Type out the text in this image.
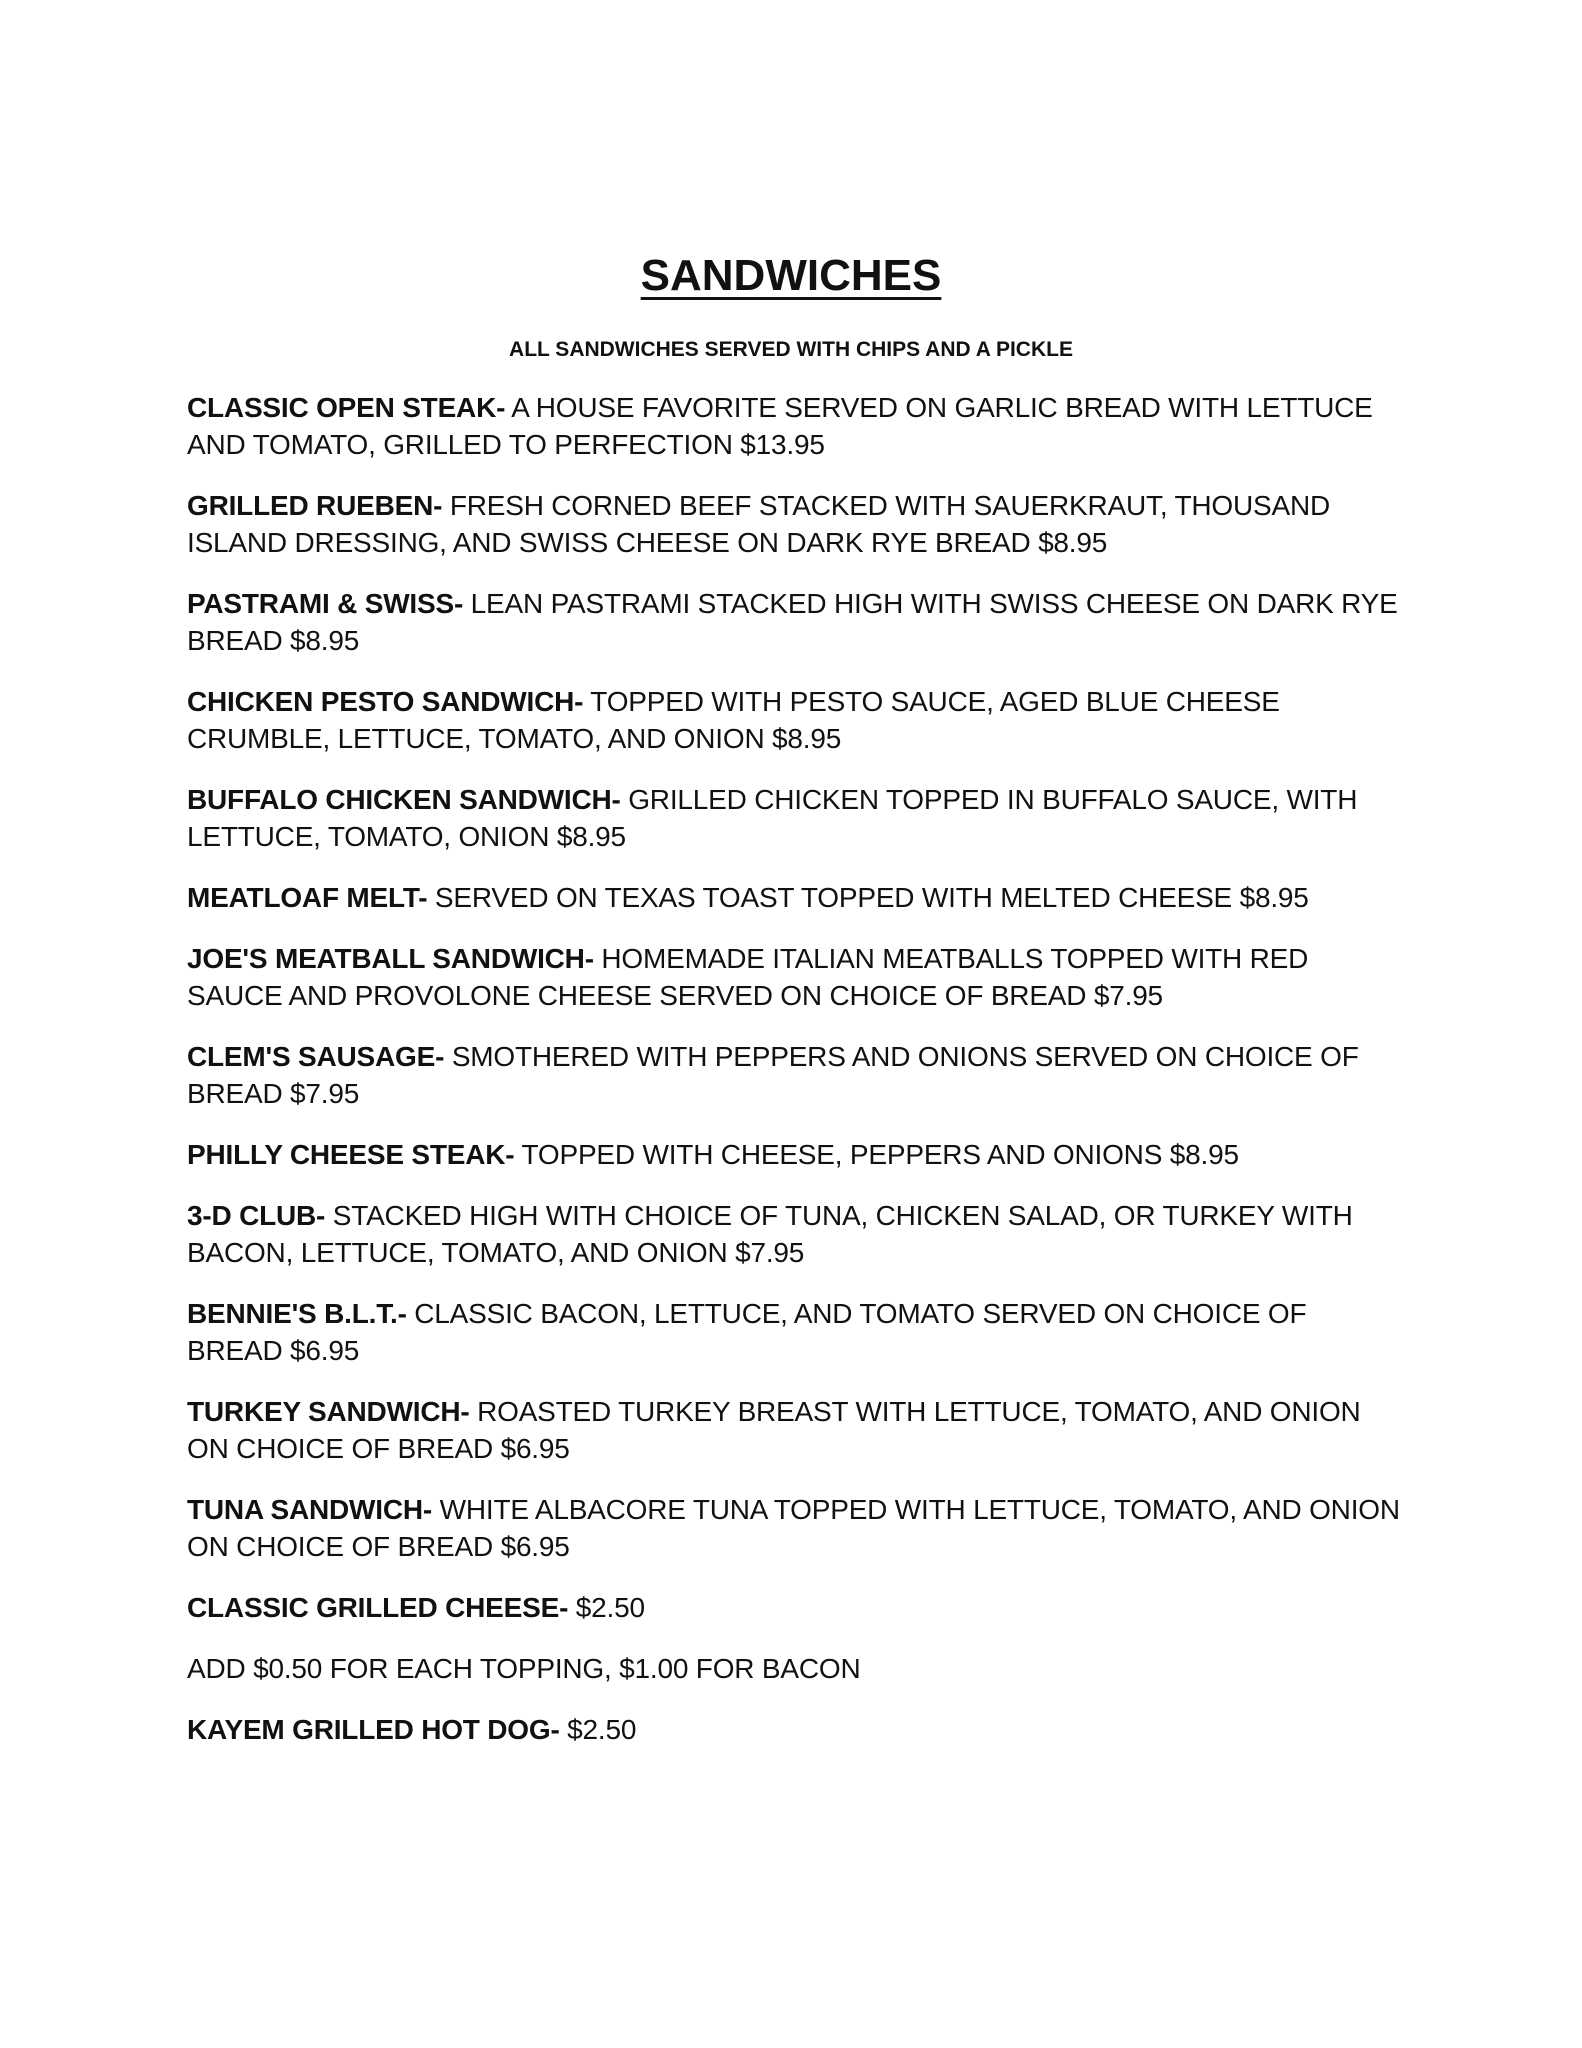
SANDWICHES
ALL SANDWICHES SERVED WITH CHIPS AND A PICKLE

CLASSIC OPEN STEAK- A HOUSE FAVORITE SERVED ON GARLIC BREAD WITH LETTUCE AND TOMATO, GRILLED TO PERFECTION $13.95

GRILLED RUEBEN- FRESH CORNED BEEF STACKED WITH SAUERKRAUT, THOUSAND ISLAND DRESSING, AND SWISS CHEESE ON DARK RYE BREAD $8.95

PASTRAMI & SWISS- LEAN PASTRAMI STACKED HIGH WITH SWISS CHEESE ON DARK RYE BREAD $8.95

CHICKEN PESTO SANDWICH- TOPPED WITH PESTO SAUCE, AGED BLUE CHEESE CRUMBLE, LETTUCE, TOMATO, AND ONION $8.95

BUFFALO CHICKEN SANDWICH- GRILLED CHICKEN TOPPED IN BUFFALO SAUCE, WITH LETTUCE, TOMATO, ONION $8.95

MEATLOAF MELT- SERVED ON TEXAS TOAST TOPPED WITH MELTED CHEESE $8.95

JOE'S MEATBALL SANDWICH- HOMEMADE ITALIAN MEATBALLS TOPPED WITH RED SAUCE AND PROVOLONE CHEESE SERVED ON CHOICE OF BREAD $7.95

CLEM'S SAUSAGE- SMOTHERED WITH PEPPERS AND ONIONS SERVED ON CHOICE OF BREAD $7.95

PHILLY CHEESE STEAK- TOPPED WITH CHEESE, PEPPERS AND ONIONS $8.95

3-D CLUB- STACKED HIGH WITH CHOICE OF TUNA, CHICKEN SALAD, OR TURKEY WITH BACON, LETTUCE, TOMATO, AND ONION $7.95

BENNIE'S B.L.T.- CLASSIC BACON, LETTUCE, AND TOMATO SERVED ON CHOICE OF BREAD $6.95

TURKEY SANDWICH- ROASTED TURKEY BREAST WITH LETTUCE, TOMATO, AND ONION ON CHOICE OF BREAD $6.95

TUNA SANDWICH- WHITE ALBACORE TUNA TOPPED WITH LETTUCE, TOMATO, AND ONION ON CHOICE OF BREAD $6.95

CLASSIC GRILLED CHEESE- $2.50

ADD $0.50 FOR EACH TOPPING, $1.00 FOR BACON

KAYEM GRILLED HOT DOG- $2.50
